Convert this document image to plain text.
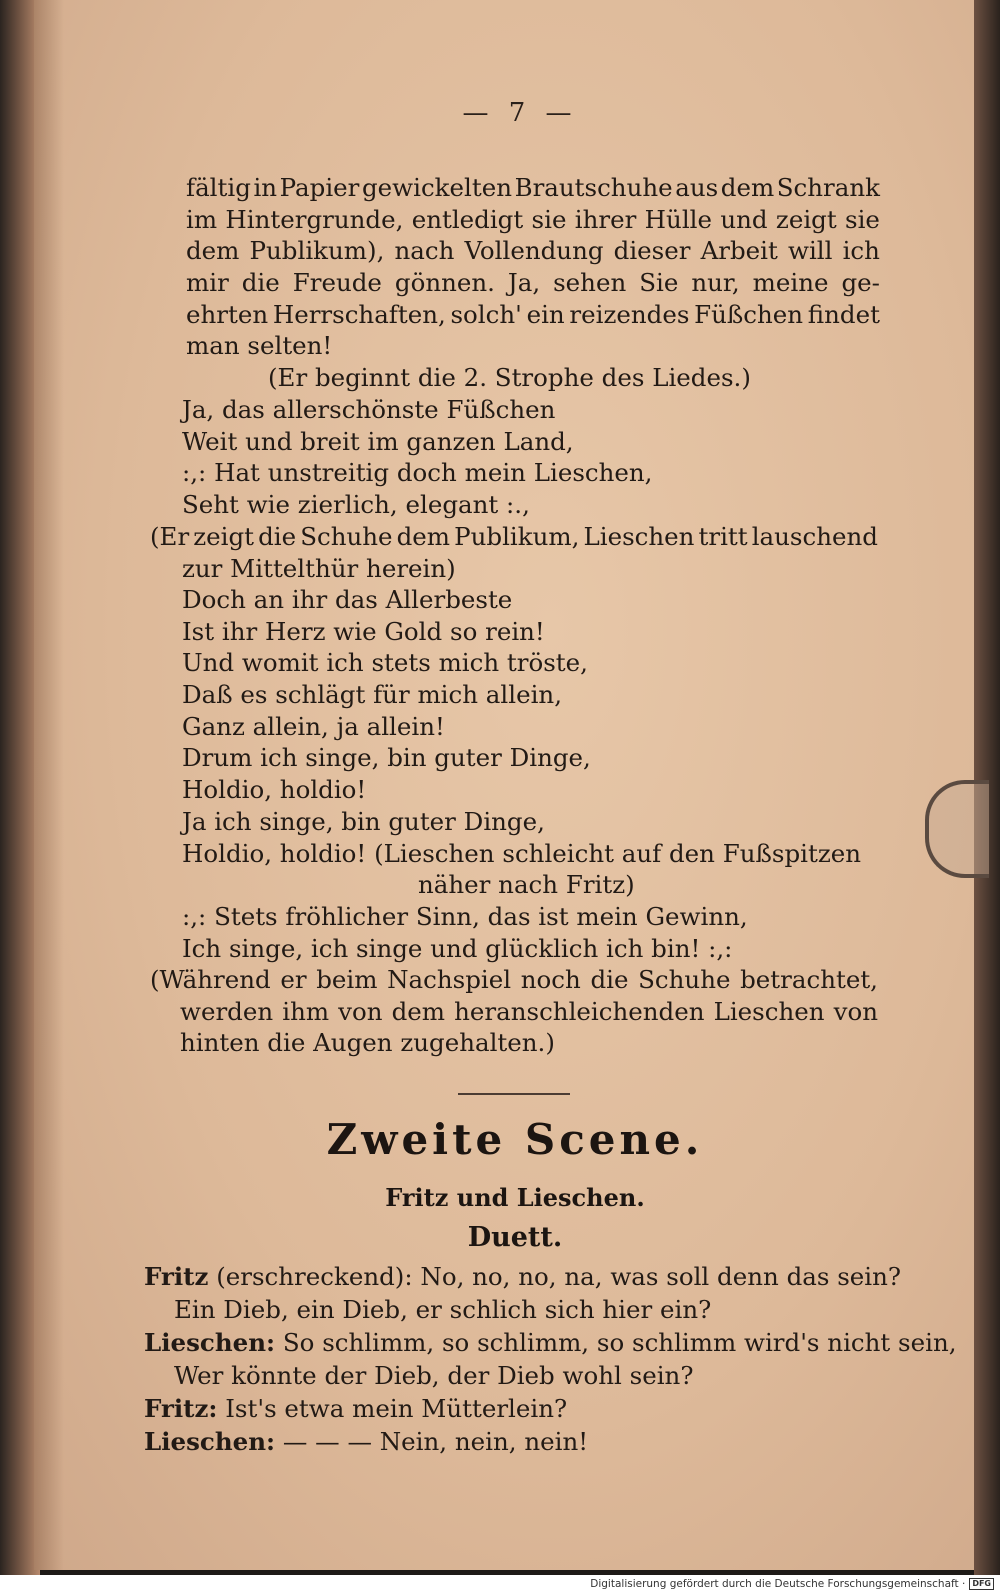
— 7 —
fältig in Papier gewickelten Brautschuhe aus dem Schrank
im Hintergrunde, entledigt sie ihrer Hülle und zeigt sie
dem Publikum), nach Vollendung dieser Arbeit will ich
mir die Freude gönnen. Ja, sehen Sie nur, meine ge-
ehrten Herrschaften, solch' ein reizendes Füßchen findet
man selten!
(Er beginnt die 2. Strophe des Liedes.)
Ja, das allerschönste Füßchen
Weit und breit im ganzen Land,
:,: Hat unstreitig doch mein Lieschen,
Seht wie zierlich, elegant :.,
(Er zeigt die Schuhe dem Publikum, Lieschen tritt lauschend
zur Mittelthür herein)
Doch an ihr das Allerbeste
Ist ihr Herz wie Gold so rein!
Und womit ich stets mich tröste,
Daß es schlägt für mich allein,
Ganz allein, ja allein!
Drum ich singe, bin guter Dinge,
Holdio, holdio!
Ja ich singe, bin guter Dinge,
Holdio, holdio! (Lieschen schleicht auf den Fußspitzen
näher nach Fritz)
:,: Stets fröhlicher Sinn, das ist mein Gewinn,
Ich singe, ich singe und glücklich ich bin! :,:
(Während er beim Nachspiel noch die Schuhe betrachtet,
werden ihm von dem heranschleichenden Lieschen von
hinten die Augen zugehalten.)
Zweite Scene.
Fritz und Lieschen.
Duett.
Fritz (erschreckend): No, no, no, na, was soll denn das sein?
Ein Dieb, ein Dieb, er schlich sich hier ein?
Lieschen: So schlimm, so schlimm, so schlimm wird's nicht sein,
Wer könnte der Dieb, der Dieb wohl sein?
Fritz: Ist's etwa mein Mütterlein?
Lieschen: — — — Nein, nein, nein!
Digitalisierung gefördert durch die Deutsche Forschungsgemeinschaft · DFG
